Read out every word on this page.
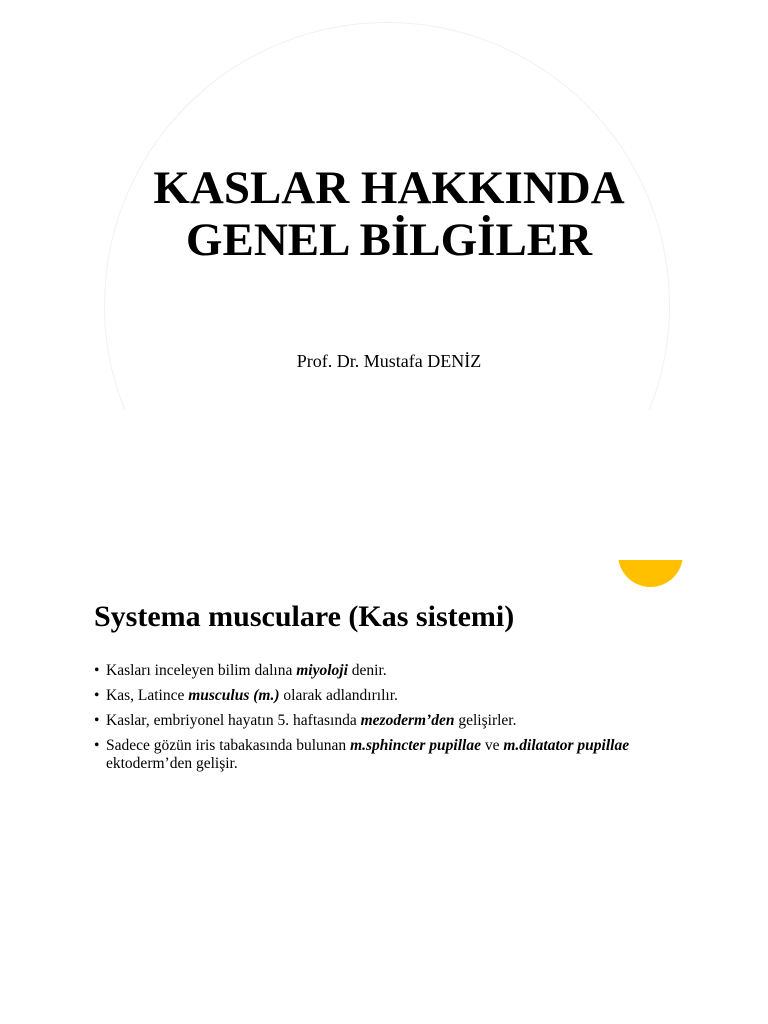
KASLAR HAKKINDA
GENEL BİLGİLER
Prof. Dr. Mustafa DENİZ
Systema musculare (Kas sistemi)
• Kasları inceleyen bilim dalına miyoloji denir.
• Kas, Latince musculus (m.) olarak adlandırılır.
• Kaslar, embriyonel hayatın 5. haftasında mezoderm’den gelişirler.
• Sadece gözün iris tabakasında bulunan m.sphincter pupillae ve m.dilatator pupillae ektoderm’den gelişir.
